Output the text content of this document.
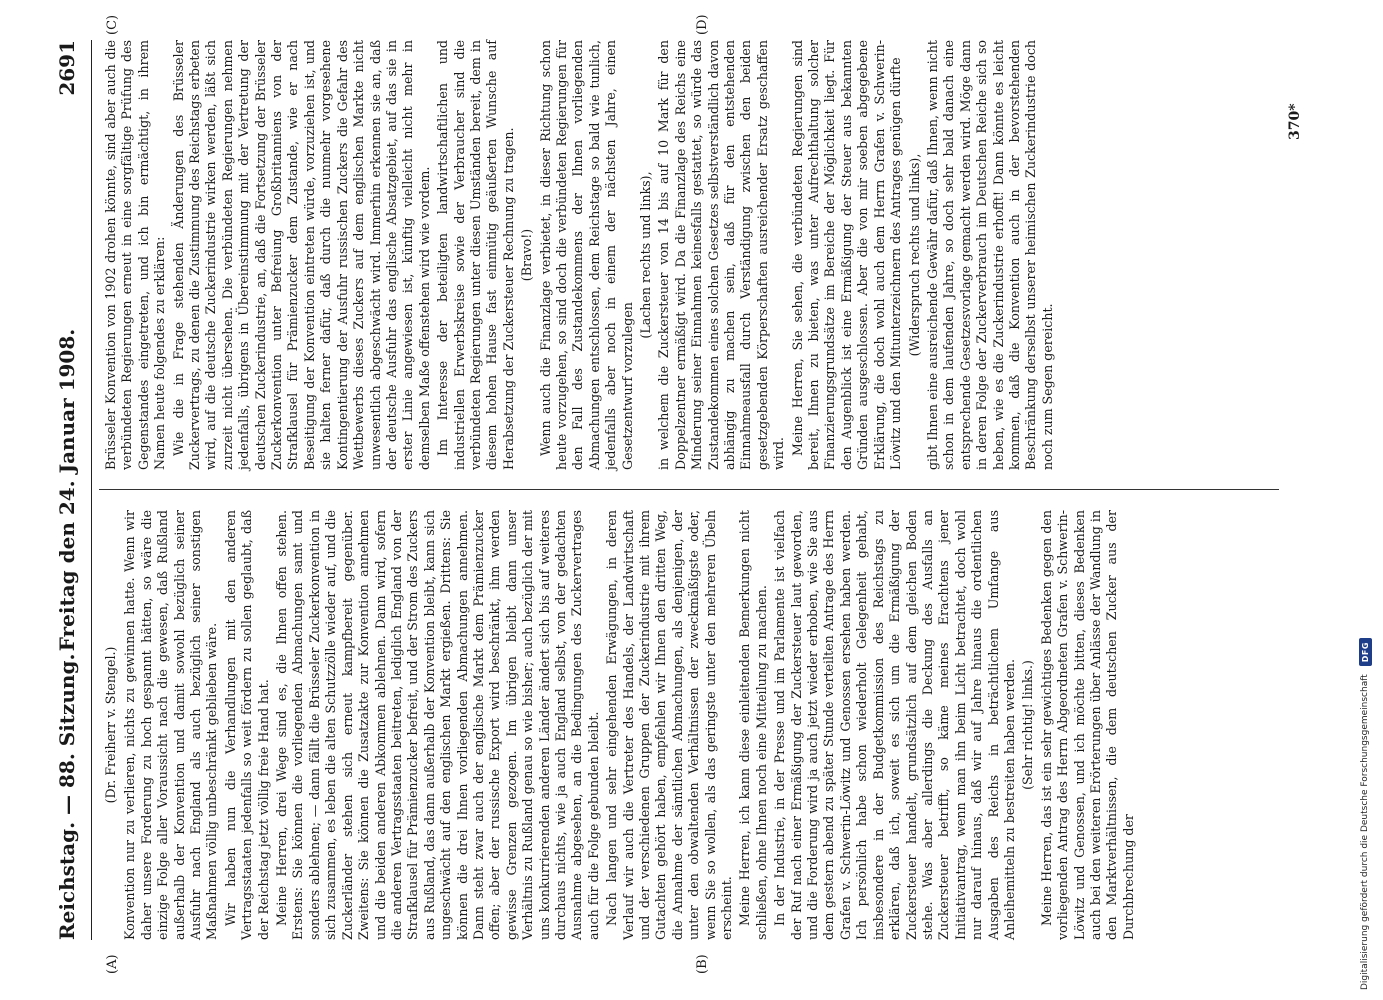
Reichstag. — 88. Sitzung.
Freitag den 24. Januar 1908.
2691
(A)	(B)
(C)	(D)

(Dr. Freiherr v. Stengel.) Konvention nur zu verlieren, nichts zu gewinnen hatte. Wenn wir daher unsere Forderung zu hoch gespannt hätten, so wäre die einzige Folge aller Voraussicht nach die gewesen, daß Rußland außerhalb der Konvention und damit sowohl bezüglich seiner Ausfuhr nach England als auch bezüglich seiner sonstigen Maßnahmen völlig unbeschränkt geblieben wäre. Wir haben nun die Verhandlungen mit den anderen Vertragsstaaten jedenfalls so weit fördern zu sollen geglaubt, daß der Reichstag jetzt völlig freie Hand hat. Meine Herren, drei Wege sind es, die Ihnen offen stehen. Erstens: Sie können die vorliegenden Abmachungen samt und sonders ablehnen; — dann fällt die Brüsseler Zuckerkonvention in sich zusammen, es leben die alten Schutzzölle wieder auf, und die Zuckerländer stehen sich erneut kampfbereit gegenüber. Zweitens: Sie können die Zusatzakte zur Konvention annehmen und die beiden anderen Abkommen ablehnen. Dann wird, sofern die anderen Vertragsstaaten beitreten, lediglich England von der Strafklausel für Prämienzucker befreit, und der Strom des Zuckers aus Rußland, das dann außerhalb der Konvention bleibt, kann sich ungeschwächt auf den englischen Markt ergießen. Drittens: Sie können die drei Ihnen vorliegenden Abmachungen annehmen. Dann steht zwar auch der englische Markt dem Prämienzucker offen; aber der russische Export wird beschränkt, ihm werden gewisse Grenzen gezogen. Im übrigen bleibt dann unser Verhältnis zu Rußland genau so wie bisher; auch bezüglich der mit uns konkurrierenden anderen Länder ändert sich bis auf weiteres durchaus nichts, wie ja auch England selbst, von der gedachten Ausnahme abgesehen, an die Bedingungen des Zuckervertrages auch für die Folge gebunden bleibt. Nach langen und sehr eingehenden Erwägungen, in deren Verlauf wir auch die Vertreter des Handels, der Landwirtschaft und der verschiedenen Gruppen der Zuckerindustrie mit ihrem Gutachten gehört haben, empfehlen wir Ihnen den dritten Weg, die Annahme der sämtlichen Abmachungen, als denjenigen, der unter den obwaltenden Verhältnissen der zweckmäßigste oder, wenn Sie so wollen, als das geringste unter den mehreren Übeln erscheint. Meine Herren, ich kann diese einleitenden Bemerkungen nicht schließen, ohne Ihnen noch eine Mitteilung zu machen. In der Industrie, in der Presse und im Parlamente ist vielfach der Ruf nach einer Ermäßigung der Zuckersteuer laut geworden, und die Forderung wird ja auch jetzt wieder erhoben, wie Sie aus dem gestern abend zu später Stunde verteilten Antrage des Herrn Grafen v. Schwerin-Löwitz und Genossen ersehen haben werden. Ich persönlich habe schon wiederholt Gelegenheit gehabt, insbesondere in der Budgetkommission des Reichstags zu erklären, daß ich, soweit es sich um die Ermäßigung der Zuckersteuer handelt, grundsätzlich auf dem gleichen Boden stehe. Was aber allerdings die Deckung des Ausfalls an Zuckersteuer betrifft, so käme meines Erachtens jener Initiativantrag, wenn man ihn beim Licht betrachtet, doch wohl nur darauf hinaus, daß wir auf Jahre hinaus die ordentlichen Ausgaben des Reichs in beträchtlichem Umfange aus Anleihemitteln zu bestreiten haben werden. (Sehr richtig! links.) Meine Herren, das ist ein sehr gewichtiges Bedenken gegen den vorliegenden Antrag des Herrn Abgeordneten Grafen v. Schwerin-Löwitz und Genossen, und ich möchte bitten, dieses Bedenken auch bei den weiteren Erörterungen über Anlässe der Wandlung in den Marktverhältnissen, die dem deutschen Zucker aus der Durchbrechung der

Brüsseler Konvention von 1902 drohen könnte, sind aber auch die verbündeten Regierungen erneut in eine sorgfältige Prüfung des Gegenstandes eingetreten, und ich bin ermächtigt, in ihrem Namen heute folgendes zu erklären: Wie die in Frage stehenden Änderungen des Brüsseler Zuckervertrags, zu denen die Zustimmung des Reichstags erbeten wird, auf die deutsche Zuckerindustrie wirken werden, läßt sich zurzeit nicht übersehen. Die verbündeten Regierungen nehmen jedenfalls, übrigens in Übereinstimmung mit der Vertretung der deutschen Zuckerindustrie, an, daß die Fortsetzung der Brüsseler Zuckerkonvention unter Befreiung Großbritanniens von der Strafklausel für Prämienzucker dem Zustande, wie er nach Beseitigung der Konvention eintreten würde, vorzuziehen ist, und sie halten ferner dafür, daß durch die nunmehr vorgesehene Kontingentierung der Ausfuhr russischen Zuckers die Gefahr des Wettbewerbs dieses Zuckers auf dem englischen Markte nicht unwesentlich abgeschwächt wird. Immerhin erkennen sie an, daß der deutsche Ausfuhr das englische Absatzgebiet, auf das sie in erster Linie angewiesen ist, künftig vielleicht nicht mehr in demselben Maße offenstehen wird wie vordem. Im Interesse der beteiligten landwirtschaftlichen und industriellen Erwerbskreise sowie der Verbraucher sind die verbündeten Regierungen unter diesen Umständen bereit, dem in diesem hohen Hause fast einmütig geäußerten Wunsche auf Herabsetzung der Zuckersteuer Rechnung zu tragen. (Bravo!) Wenn auch die Finanzlage verbietet, in dieser Richtung schon heute vorzugehen, so sind doch die verbündeten Regierungen für den Fall des Zustandekommens der Ihnen vorliegenden Abmachungen entschlossen, dem Reichstage so bald wie tunlich, jedenfalls aber noch in einem der nächsten Jahre, einen Gesetzentwurf vorzulegen

(Lachen rechts und links), in welchem die Zuckersteuer von 14 bis auf 10 Mark für den Doppelzentner ermäßigt wird. Da die Finanzlage des Reichs eine Minderung seiner Einnahmen keinesfalls gestattet, so würde das Zustandekommen eines solchen Gesetzes selbstverständlich davon abhängig zu machen sein, daß für den entstehenden Einnahmeausfall durch Verständigung zwischen den beiden gesetzgebenden Körperschaften ausreichender Ersatz geschaffen wird. Meine Herren, Sie sehen, die verbündeten Regierungen sind bereit, Ihnen zu bieten, was unter Aufrechthaltung solcher Finanzierungsgrundsätze im Bereiche der Möglichkeit liegt. Für den Augenblick ist eine Ermäßigung der Steuer aus bekannten Gründen ausgeschlossen. Aber die von mir soeben abgegebene Erklärung, die doch wohl auch dem Herrn Grafen v. Schwerin-Löwitz und den Mitunterzeichnern des Antrages genügen dürfte (Widerspruch rechts und links), gibt Ihnen eine ausreichende Gewähr dafür, daß Ihnen, wenn nicht schon in dem laufenden Jahre, so doch sehr bald danach eine entsprechende Gesetzesvorlage gemacht werden wird. Möge dann in deren Folge der Zuckerverbrauch im Deutschen Reiche sich so heben, wie es die Zuckerindustrie erhofft! Dann könnte es leicht kommen, daß die Konvention auch in der bevorstehenden Beschränkung derselbst unserer heimischen Zuckerindustrie doch noch zum Segen gereicht.

370*
Digitalisierung gefördert durch die Deutsche Forschungsgemeinschaft
DFG
